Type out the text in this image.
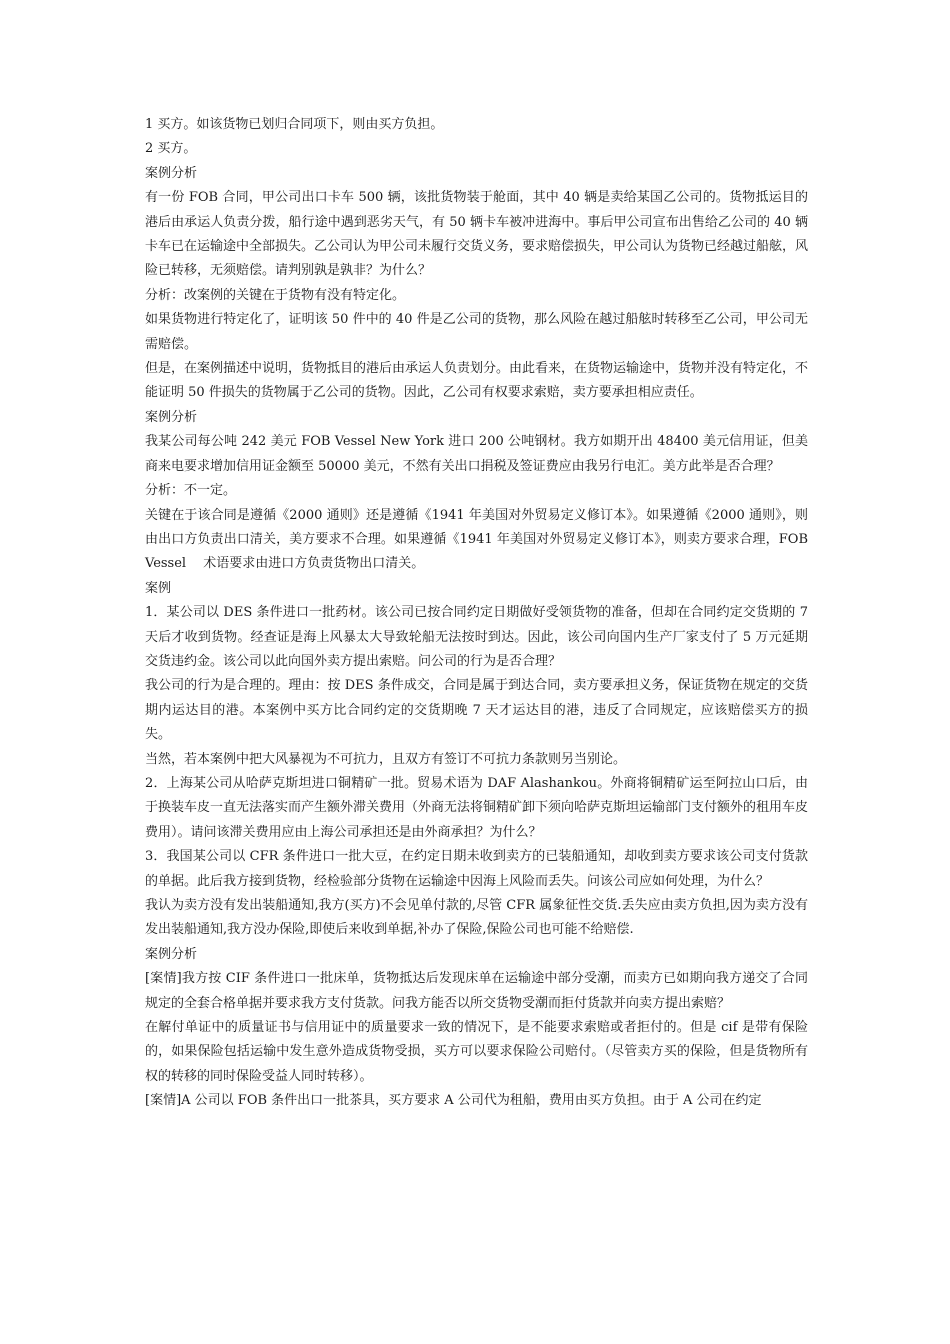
1 买方。如该货物已划归合同项下，则由买方负担。

2 买方。

案例分析

有一份 FOB 合同，甲公司出口卡车 500 辆，该批货物装于舱面，其中 40 辆是卖给某国乙公司的。货物抵运目的港后由承运人负责分拨，船行途中遇到恶劣天气，有 50 辆卡车被冲进海中。事后甲公司宣布出售给乙公司的 40 辆卡车已在运输途中全部损失。乙公司认为甲公司未履行交货义务，要求赔偿损失，甲公司认为货物已经越过船舷，风险已转移，无须赔偿。请判别孰是孰非？为什么？

分析：改案例的关键在于货物有没有特定化。

如果货物进行特定化了，证明该 50 件中的 40 件是乙公司的货物，那么风险在越过船舷时转移至乙公司，甲公司无需赔偿。

但是，在案例描述中说明，货物抵目的港后由承运人负责划分。由此看来，在货物运输途中，货物并没有特定化，不能证明 50 件损失的货物属于乙公司的货物。因此，乙公司有权要求索赔，卖方要承担相应责任。

案例分析

我某公司每公吨 242 美元 FOB Vessel New York 进口 200 公吨钢材。我方如期开出 48400 美元信用证，但美商来电要求增加信用证金额至 50000 美元，不然有关出口捐税及签证费应由我另行电汇。美方此举是否合理？

分析：不一定。

关键在于该合同是遵循《2000 通则》还是遵循《1941 年美国对外贸易定义修订本》。如果遵循《2000 通则》，则由出口方负责出口清关，美方要求不合理。如果遵循《1941 年美国对外贸易定义修订本》，则卖方要求合理，FOB Vessel　 术语要求由进口方负责货物出口清关。

案例

1．某公司以 DES 条件进口一批药材。该公司已按合同约定日期做好受领货物的准备，但却在合同约定交货期的 7 天后才收到货物。经查证是海上风暴太大导致轮船无法按时到达。因此，该公司向国内生产厂家支付了 5 万元延期交货违约金。该公司以此向国外卖方提出索赔。问公司的行为是否合理？

我公司的行为是合理的。理由：按 DES 条件成交，合同是属于到达合同，卖方要承担义务，保证货物在规定的交货期内运达目的港。本案例中买方比合同约定的交货期晚 7 天才运达目的港，违反了合同规定，应该赔偿买方的损失。

当然，若本案例中把大风暴视为不可抗力，且双方有签订不可抗力条款则另当别论。

2．上海某公司从哈萨克斯坦进口铜精矿一批。贸易术语为 DAF Alashankou。外商将铜精矿运至阿拉山口后，由于换装车皮一直无法落实而产生额外滞关费用（外商无法将铜精矿卸下须向哈萨克斯坦运输部门支付额外的租用车皮费用）。请问该滞关费用应由上海公司承担还是由外商承担？为什么？

3．我国某公司以 CFR 条件进口一批大豆，在约定日期未收到卖方的已装船通知，却收到卖方要求该公司支付货款的单据。此后我方接到货物，经检验部分货物在运输途中因海上风险而丢失。问该公司应如何处理，为什么？

我认为卖方没有发出装船通知,我方(买方)不会见单付款的,尽管 CFR 属象征性交货.丢失应由卖方负担,因为卖方没有发出装船通知,我方没办保险,即使后来收到单据,补办了保险,保险公司也可能不给赔偿.

案例分析

[案情]我方按 CIF 条件进口一批床单，货物抵达后发现床单在运输途中部分受潮，而卖方已如期向我方递交了合同规定的全套合格单据并要求我方支付货款。问我方能否以所交货物受潮而拒付货款并向卖方提出索赔？

在解付单证中的质量证书与信用证中的质量要求一致的情况下，是不能要求索赔或者拒付的。但是 cif 是带有保险的，如果保险包括运输中发生意外造成货物受损，买方可以要求保险公司赔付。（尽管卖方买的保险，但是货物所有权的转移的同时保险受益人同时转移）。

[案情]A 公司以 FOB 条件出口一批茶具，买方要求 A 公司代为租船，费用由买方负担。由于 A 公司在约定
